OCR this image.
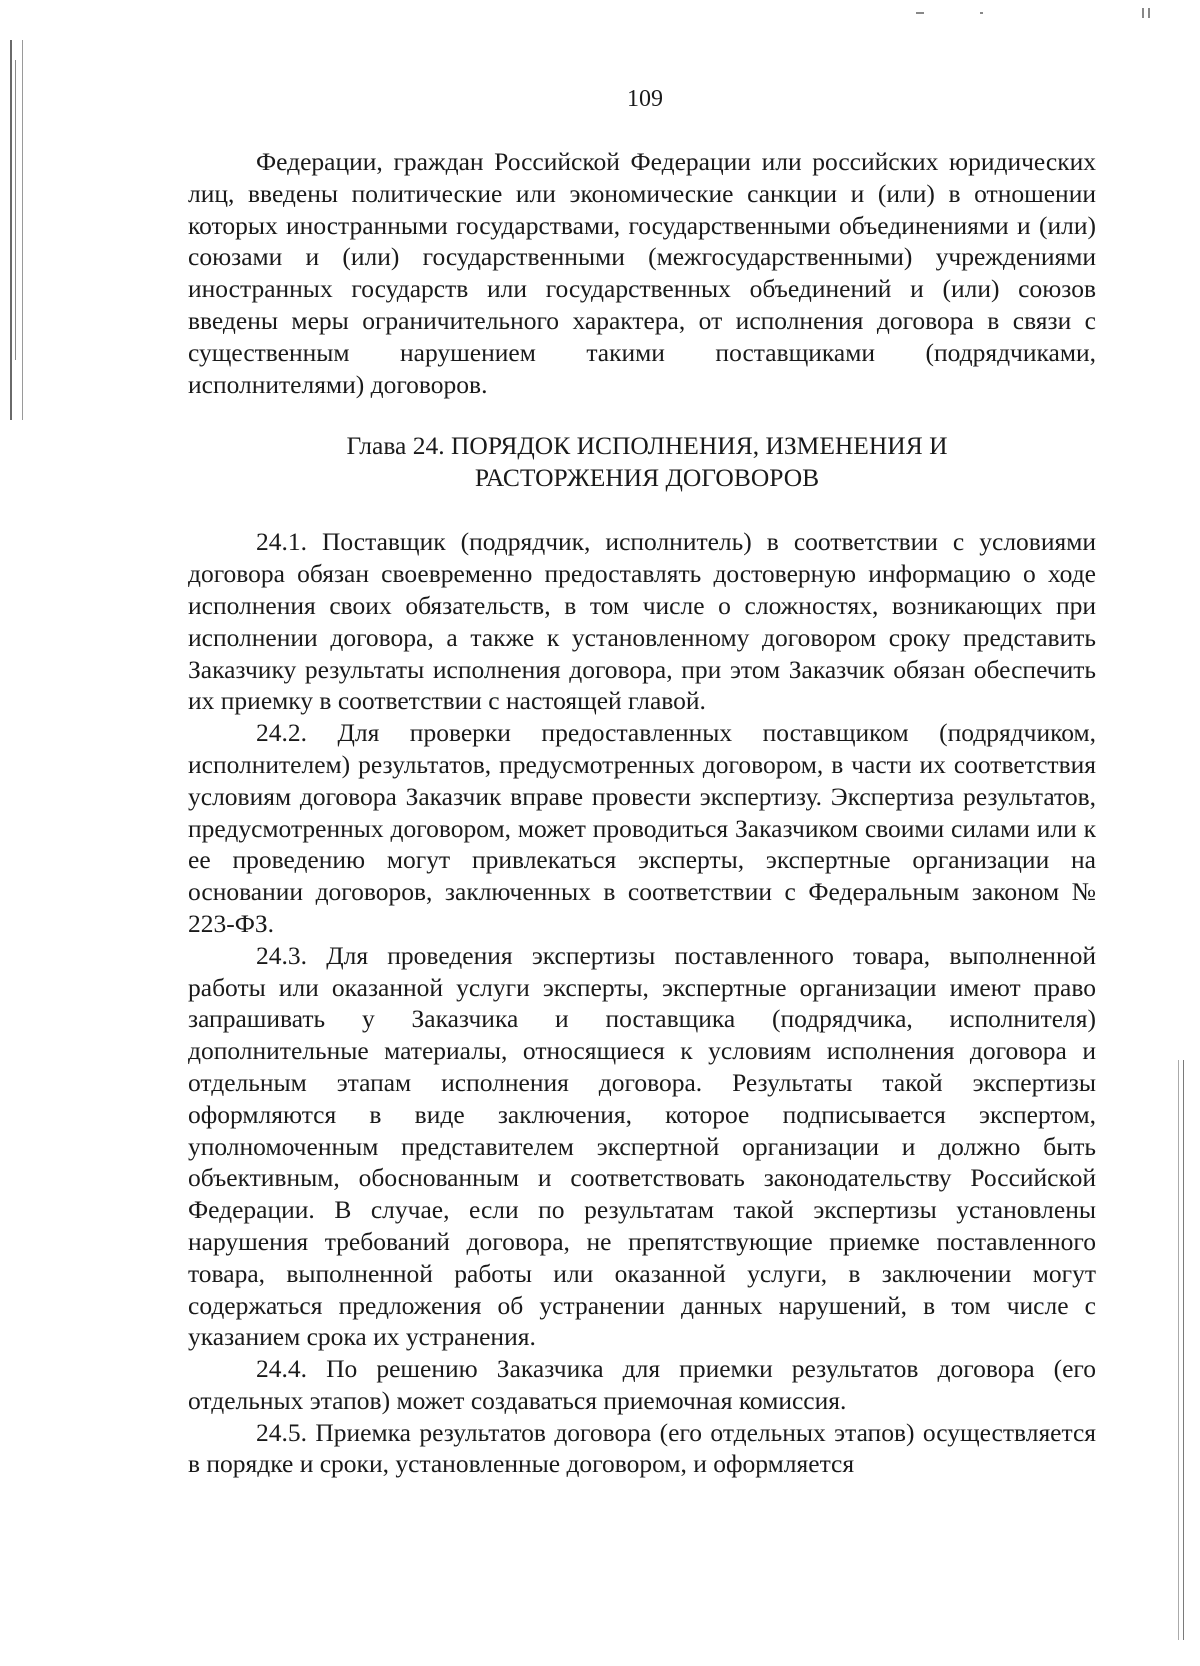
109

Федерации, граждан Российской Федерации или российских юридических лиц, введены политические или экономические санкции и (или) в отношении которых иностранными государствами, государственными объединениями и (или) союзами и (или) государственными (межгосударственными) учреждениями иностранных государств или государственных объединений и (или) союзов введены меры ограничительного характера, от исполнения договора в связи с существенным нарушением такими поставщиками (подрядчиками, исполнителями) договоров.

Глава 24. ПОРЯДОК ИСПОЛНЕНИЯ, ИЗМЕНЕНИЯ И
РАСТОРЖЕНИЯ ДОГОВОРОВ

24.1. Поставщик (подрядчик, исполнитель) в соответствии с условиями договора обязан своевременно предоставлять достоверную информацию о ходе исполнения своих обязательств, в том числе о сложностях, возникающих при исполнении договора, а также к установленному договором сроку представить Заказчику результаты исполнения договора, при этом Заказчик обязан обеспечить их приемку в соответствии с настоящей главой.

24.2. Для проверки предоставленных поставщиком (подрядчиком, исполнителем) результатов, предусмотренных договором, в части их соответствия условиям договора Заказчик вправе провести экспертизу. Экспертиза результатов, предусмотренных договором, может проводиться Заказчиком своими силами или к ее проведению могут привлекаться эксперты, экспертные организации на основании договоров, заключенных в соответствии с Федеральным законом № 223-ФЗ.

24.3. Для проведения экспертизы поставленного товара, выполненной работы или оказанной услуги эксперты, экспертные организации имеют право запрашивать у Заказчика и поставщика (подрядчика, исполнителя) дополнительные материалы, относящиеся к условиям исполнения договора и отдельным этапам исполнения договора. Результаты такой экспертизы оформляются в виде заключения, которое подписывается экспертом, уполномоченным представителем экспертной организации и должно быть объективным, обоснованным и соответствовать законодательству Российской Федерации. В случае, если по результатам такой экспертизы установлены нарушения требований договора, не препятствующие приемке поставленного товара, выполненной работы или оказанной услуги, в заключении могут содержаться предложения об устранении данных нарушений, в том числе с указанием срока их устранения.

24.4. По решению Заказчика для приемки результатов договора (его отдельных этапов) может создаваться приемочная комиссия.

24.5. Приемка результатов договора (его отдельных этапов) осуществляется в порядке и сроки, установленные договором, и оформляется
